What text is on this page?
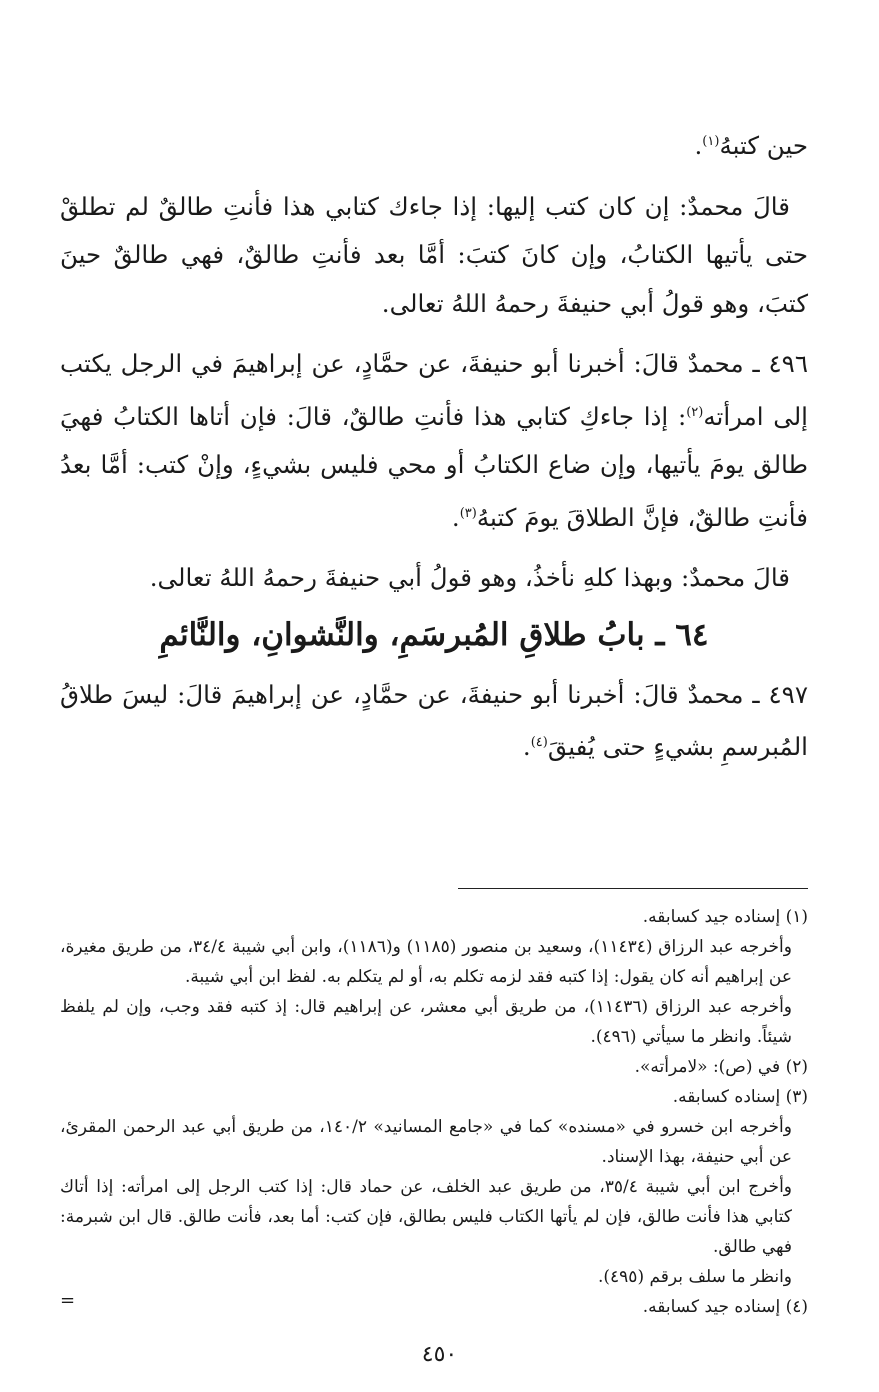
حين كتبهُ$^{(١)}$.

قالَ محمدٌ: إن كان كتب إليها: إذا جاءك كتابي هذا فأنتِ طالقٌ لم تطلقْ حتى يأتيها الكتابُ، وإن كانَ كتبَ: أمَّا بعد فأنتِ طالقٌ، فهي طالقٌ حينَ كتبَ، وهو قولُ أبي حنيفةَ رحمهُ اللهُ تعالى.

٤٩٦ ـ محمدٌ قالَ: أخبرنا أبو حنيفةَ، عن حمَّادٍ، عن إبراهيمَ في الرجل يكتب إلى امرأته$^{(٢)}$: إذا جاءكِ كتابي هذا فأنتِ طالقٌ، قالَ: فإن أتاها الكتابُ فهيَ طالق يومَ يأتيها، وإن ضاع الكتابُ أو محي فليس بشيءٍ، وإنْ كتب: أمَّا بعدُ فأنتِ طالقٌ، فإنَّ الطلاقَ يومَ كتبهُ$^{(٣)}$.

قالَ محمدٌ: وبهذا كلهِ نأخذُ، وهو قولُ أبي حنيفةَ رحمهُ اللهُ تعالى.

٦٤ ـ بابُ طلاقِ المُبرسَمِ، والنَّشوانِ، والنَّائمِ

٤٩٧ ـ محمدٌ قالَ: أخبرنا أبو حنيفةَ، عن حمَّادٍ، عن إبراهيمَ قالَ: ليسَ طلاقُ المُبرسمِ بشيءٍ حتى يُفيقَ$^{(٤)}$.

(١) إسناده جيد كسابقه.

وأخرجه عبد الرزاق (١١٤٣٤)، وسعيد بن منصور (١١٨٥) و(١١٨٦)، وابن أبي شيبة ٣٤/٤، من طريق مغيرة، عن إبراهيم أنه كان يقول: إذا كتبه فقد لزمه تكلم به، أو لم يتكلم به. لفظ ابن أبي شيبة.

وأخرجه عبد الرزاق (١١٤٣٦)، من طريق أبي معشر، عن إبراهيم قال: إذ كتبه فقد وجب، وإن لم يلفظ شيئاً. وانظر ما سيأتي (٤٩٦).

(٢) في (ص): «لامرأته».

(٣) إسناده كسابقه.

وأخرجه ابن خسرو في «مسنده» كما في «جامع المسانيد» ١٤٠/٢، من طريق أبي عبد الرحمن المقرئ، عن أبي حنيفة، بهذا الإسناد.

وأخرج ابن أبي شيبة ٣٥/٤، من طريق عبد الخلف، عن حماد قال: إذا كتب الرجل إلى امرأته: إذا أتاك كتابي هذا فأنت طالق، فإن لم يأتها الكتاب فليس بطالق، فإن كتب: أما بعد، فأنت طالق. قال ابن شبرمة: فهي طالق.

وانظر ما سلف برقم (٤٩٥).

(٤) إسناده جيد كسابقه.

=
٤٥٠
